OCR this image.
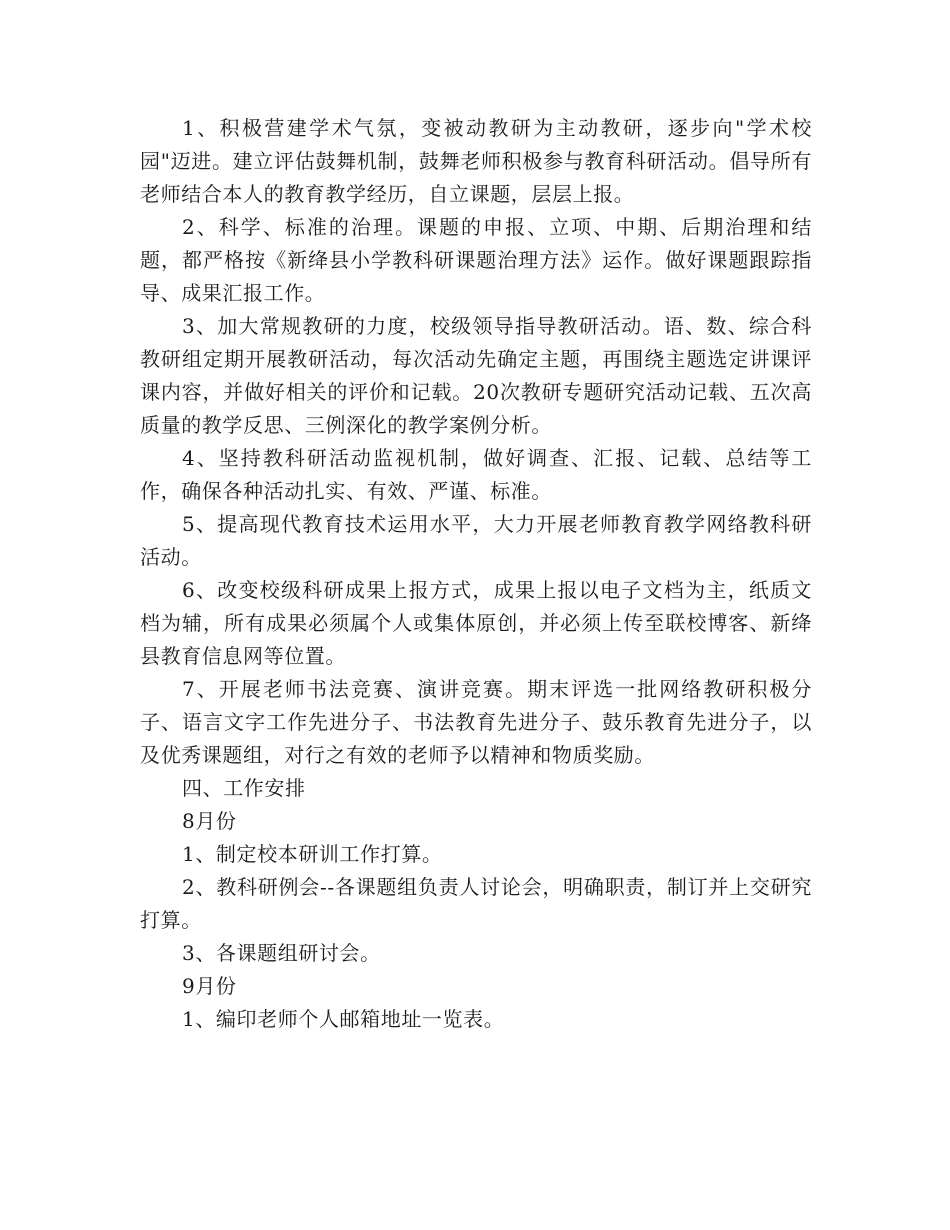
1、积极营建学术气氛，变被动教研为主动教研，逐步向"学术校园"迈进。建立评估鼓舞机制，鼓舞老师积极参与教育科研活动。倡导所有老师结合本人的教育教学经历，自立课题，层层上报。

2、科学、标准的治理。课题的申报、立项、中期、后期治理和结题，都严格按《新绛县小学教科研课题治理方法》运作。做好课题跟踪指导、成果汇报工作。

3、加大常规教研的力度，校级领导指导教研活动。语、数、综合科教研组定期开展教研活动，每次活动先确定主题，再围绕主题选定讲课评课内容，并做好相关的评价和记载。20次教研专题研究活动记载、五次高质量的教学反思、三例深化的教学案例分析。

4、坚持教科研活动监视机制，做好调查、汇报、记载、总结等工作，确保各种活动扎实、有效、严谨、标准。

5、提高现代教育技术运用水平，大力开展老师教育教学网络教科研活动。

6、改变校级科研成果上报方式，成果上报以电子文档为主，纸质文档为辅，所有成果必须属个人或集体原创，并必须上传至联校博客、新绛县教育信息网等位置。

7、开展老师书法竞赛、演讲竞赛。期末评选一批网络教研积极分子、语言文字工作先进分子、书法教育先进分子、鼓乐教育先进分子，以及优秀课题组，对行之有效的老师予以精神和物质奖励。

四、工作安排

8月份

1、制定校本研训工作打算。

2、教科研例会--各课题组负责人讨论会，明确职责，制订并上交研究打算。

3、各课题组研讨会。

9月份

1、编印老师个人邮箱地址一览表。
